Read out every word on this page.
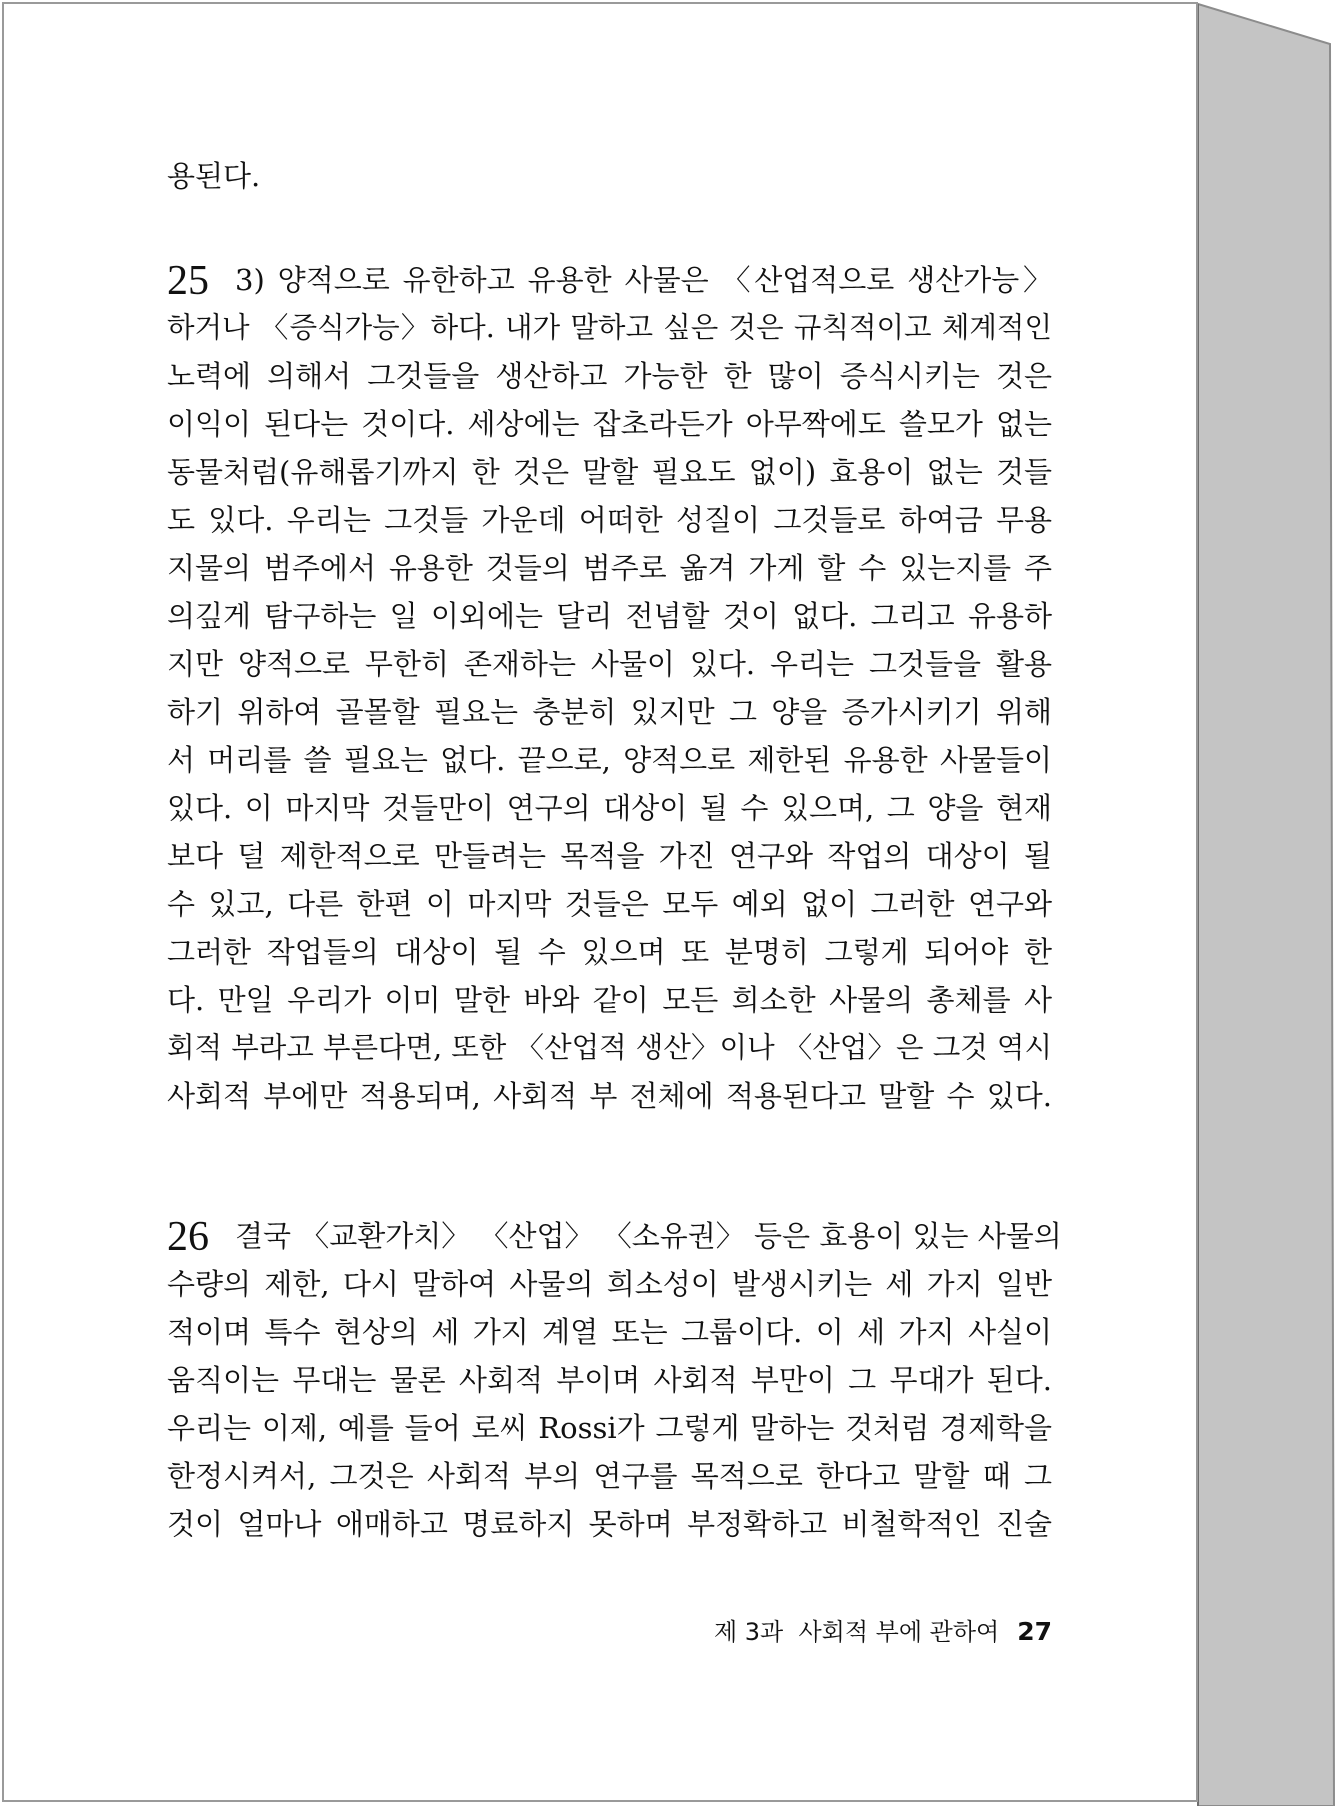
용된다.
25 3) 양적으로 유한하고 유용한 사물은 〈산업적으로 생산가능〉
하거나 〈증식가능〉하다. 내가 말하고 싶은 것은 규칙적이고 체계적인
노력에 의해서 그것들을 생산하고 가능한 한 많이 증식시키는 것은
이익이 된다는 것이다. 세상에는 잡초라든가 아무짝에도 쓸모가 없는
동물처럼(유해롭기까지 한 것은 말할 필요도 없이) 효용이 없는 것들
도 있다. 우리는 그것들 가운데 어떠한 성질이 그것들로 하여금 무용
지물의 범주에서 유용한 것들의 범주로 옮겨 가게 할 수 있는지를 주
의깊게 탐구하는 일 이외에는 달리 전념할 것이 없다. 그리고 유용하
지만 양적으로 무한히 존재하는 사물이 있다. 우리는 그것들을 활용
하기 위하여 골몰할 필요는 충분히 있지만 그 양을 증가시키기 위해
서 머리를 쓸 필요는 없다. 끝으로, 양적으로 제한된 유용한 사물들이
있다. 이 마지막 것들만이 연구의 대상이 될 수 있으며, 그 양을 현재
보다 덜 제한적으로 만들려는 목적을 가진 연구와 작업의 대상이 될
수 있고, 다른 한편 이 마지막 것들은 모두 예외 없이 그러한 연구와
그러한 작업들의 대상이 될 수 있으며 또 분명히 그렇게 되어야 한
다. 만일 우리가 이미 말한 바와 같이 모든 희소한 사물의 총체를 사
회적 부라고 부른다면, 또한 〈산업적 생산〉이나 〈산업〉은 그것 역시
사회적 부에만 적용되며, 사회적 부 전체에 적용된다고 말할 수 있다.
26 결국 〈교환가치〉 〈산업〉 〈소유권〉 등은 효용이 있는 사물의
수량의 제한, 다시 말하여 사물의 희소성이 발생시키는 세 가지 일반
적이며 특수 현상의 세 가지 계열 또는 그룹이다. 이 세 가지 사실이
움직이는 무대는 물론 사회적 부이며 사회적 부만이 그 무대가 된다.
우리는 이제, 예를 들어 로씨 Rossi가 그렇게 말하는 것처럼 경제학을
한정시켜서, 그것은 사회적 부의 연구를 목적으로 한다고 말할 때 그
것이 얼마나 애매하고 명료하지 못하며 부정확하고 비철학적인 진술
제 3과  사회적 부에 관하여 27
